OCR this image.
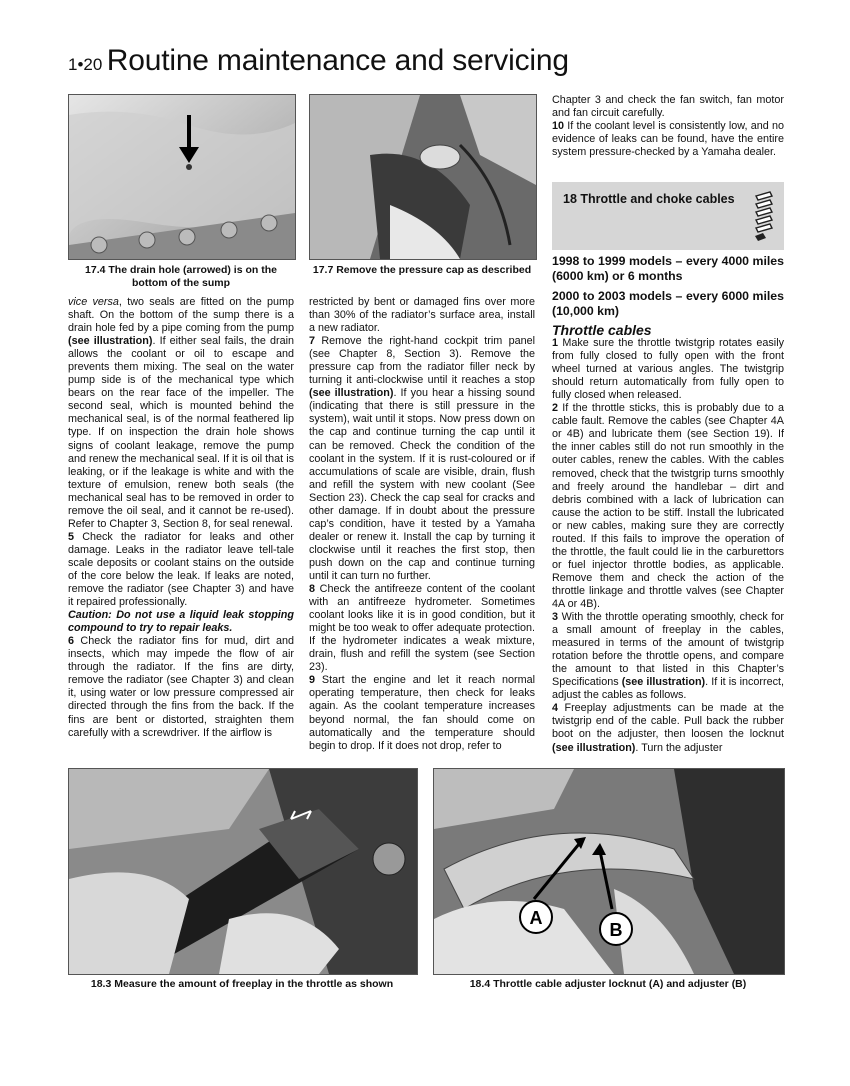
1•20 Routine maintenance and servicing
17.4 The drain hole (arrowed) is on the bottom of the sump
17.7 Remove the pressure cap as described

vice versa, two seals are fitted on the pump shaft. On the bottom of the sump there is a drain hole fed by a pipe coming from the pump (see illustration). If either seal fails, the drain allows the coolant or oil to escape and prevents them mixing. The seal on the water pump side is of the mechanical type which bears on the rear face of the impeller. The second seal, which is mounted behind the mechanical seal, is of the normal feathered lip type. If on inspection the drain hole shows signs of coolant leakage, remove the pump and renew the mechanical seal. If it is oil that is leaking, or if the leakage is white and with the texture of emulsion, renew both seals (the mechanical seal has to be removed in order to remove the oil seal, and it cannot be re-used). Refer to Chapter 3, Section 8, for seal renewal.

5 Check the radiator for leaks and other damage. Leaks in the radiator leave tell-tale scale deposits or coolant stains on the outside of the core below the leak. If leaks are noted, remove the radiator (see Chapter 3) and have it repaired professionally.

Caution: Do not use a liquid leak stopping compound to try to repair leaks.

6 Check the radiator fins for mud, dirt and insects, which may impede the flow of air through the radiator. If the fins are dirty, remove the radiator (see Chapter 3) and clean it, using water or low pressure compressed air directed through the fins from the back. If the fins are bent or distorted, straighten them carefully with a screwdriver. If the airflow is

restricted by bent or damaged fins over more than 30% of the radiator’s surface area, install a new radiator.

7 Remove the right-hand cockpit trim panel (see Chapter 8, Section 3). Remove the pressure cap from the radiator filler neck by turning it anti-clockwise until it reaches a stop (see illustration). If you hear a hissing sound (indicating that there is still pressure in the system), wait until it stops. Now press down on the cap and continue turning the cap until it can be removed. Check the condition of the coolant in the system. If it is rust-coloured or if accumulations of scale are visible, drain, flush and refill the system with new coolant (See Section 23). Check the cap seal for cracks and other damage. If in doubt about the pressure cap’s condition, have it tested by a Yamaha dealer or renew it. Install the cap by turning it clockwise until it reaches the first stop, then push down on the cap and continue turning until it can turn no further.

8 Check the antifreeze content of the coolant with an antifreeze hydrometer. Sometimes coolant looks like it is in good condition, but it might be too weak to offer adequate protection. If the hydrometer indicates a weak mixture, drain, flush and refill the system (see Section 23).

9 Start the engine and let it reach normal operating temperature, then check for leaks again. As the coolant temperature increases beyond normal, the fan should come on automatically and the temperature should begin to drop. If it does not drop, refer to

Chapter 3 and check the fan switch, fan motor and fan circuit carefully.

10 If the coolant level is consistently low, and no evidence of leaks can be found, have the entire system pressure-checked by a Yamaha dealer.

18 Throttle and choke cables

1998 to 1999 models – every 4000 miles (6000 km) or 6 months

2000 to 2003 models – every 6000 miles (10,000 km)

Throttle cables

1 Make sure the throttle twistgrip rotates easily from fully closed to fully open with the front wheel turned at various angles. The twistgrip should return automatically from fully open to fully closed when released.

2 If the throttle sticks, this is probably due to a cable fault. Remove the cables (see Chapter 4A or 4B) and lubricate them (see Section 19). If the inner cables still do not run smoothly in the outer cables, renew the cables. With the cables removed, check that the twistgrip turns smoothly and freely around the handlebar – dirt and debris combined with a lack of lubrication can cause the action to be stiff. Install the lubricated or new cables, making sure they are correctly routed. If this fails to improve the operation of the throttle, the fault could lie in the carburettors or fuel injector throttle bodies, as applicable. Remove them and check the action of the throttle linkage and throttle valves (see Chapter 4A or 4B).

3 With the throttle operating smoothly, check for a small amount of freeplay in the cables, measured in terms of the amount of twistgrip rotation before the throttle opens, and compare the amount to that listed in this Chapter’s Specifications (see illustration). If it is incorrect, adjust the cables as follows.

4 Freeplay adjustments can be made at the twistgrip end of the cable. Pull back the rubber boot on the adjuster, then loosen the locknut (see illustration). Turn the adjuster

18.3 Measure the amount of freeplay in the throttle as shown
A
B
18.4 Throttle cable adjuster locknut (A) and adjuster (B)
